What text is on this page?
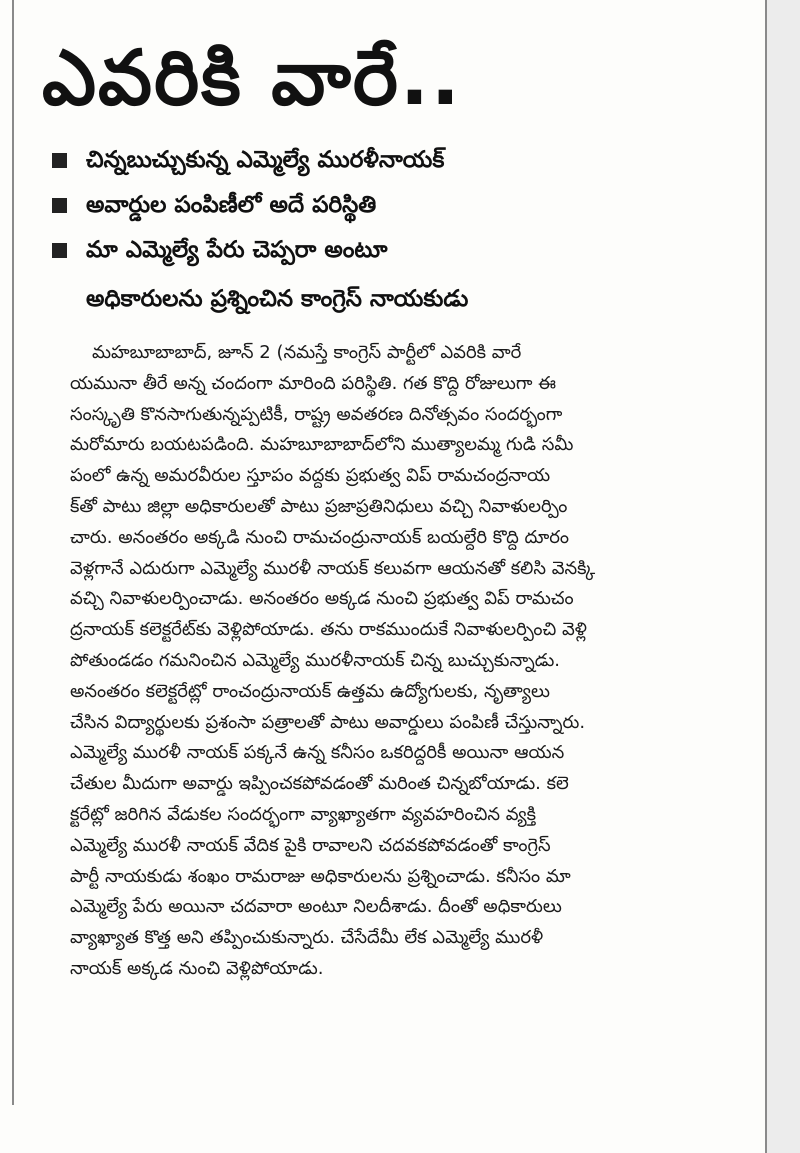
ఎవరికి వారే..
చిన్నబుచ్చుకున్న ఎమ్మెల్యే మురళీనాయక్
అవార్డుల పంపిణీలో అదే పరిస్థితి
మా ఎమ్మెల్యే పేరు చెప్పరా అంటూ
అధికారులను ప్రశ్నించిన కాంగ్రెస్ నాయకుడు
మహబూబాబాద్, జూన్ 2 (నమస్తే కాంగ్రెస్ పార్టీలో ఎవరికి వారే
యమునా తీరే అన్న చందంగా మారింది పరిస్థితి. గత కొద్ది రోజులుగా ఈ
సంస్కృతి కొనసాగుతున్నప్పటికీ, రాష్ట్ర అవతరణ దినోత్సవం సందర్భంగా
మరోమారు బయటపడింది. మహబూబాబాద్‌లోని ముత్యాలమ్మ గుడి సమీ
పంలో ఉన్న అమరవీరుల స్తూపం వద్దకు ప్రభుత్వ విప్ రామచంద్రనాయ
క్‌తో పాటు జిల్లా అధికారులతో పాటు ప్రజాప్రతినిధులు వచ్చి నివాళులర్పిం
చారు. అనంతరం అక్కడి నుంచి రామచంద్రునాయక్ బయల్దేరి కొద్ది దూరం
వెళ్లగానే ఎదురుగా ఎమ్మెల్యే మురళీ నాయక్ కలువగా ఆయనతో కలిసి వెనక్కి
వచ్చి నివాళులర్పించాడు. అనంతరం అక్కడ నుంచి ప్రభుత్వ విప్ రామచం
ద్రనాయక్ కలెక్టరేట్‌కు వెళ్లిపోయాడు. తను రాకముందుకే నివాళులర్పించి వెళ్లి
పోతుండడం గమనించిన ఎమ్మెల్యే మురళీనాయక్ చిన్న బుచ్చుకున్నాడు.
అనంతరం కలెక్టరేట్లో రాంచంద్రునాయక్ ఉత్తమ ఉద్యోగులకు, నృత్యాలు
చేసిన విద్యార్థులకు ప్రశంసా పత్రాలతో పాటు అవార్డులు పంపిణీ చేస్తున్నారు.
ఎమ్మెల్యే మురళీ నాయక్ పక్కనే ఉన్న కనీసం ఒకరిద్దరికీ అయినా ఆయన
చేతుల మీదుగా అవార్డు ఇప్పించకపోవడంతో మరింత చిన్నబోయాడు. కలె
క్టరేట్లో జరిగిన వేడుకల సందర్భంగా వ్యాఖ్యాతగా వ్యవహరించిన వ్యక్తి
ఎమ్మెల్యే మురళీ నాయక్ వేదిక పైకి రావాలని చదవకపోవడంతో కాంగ్రెస్
పార్టీ నాయకుడు శంఖం రామరాజు అధికారులను ప్రశ్నించాడు. కనీసం మా
ఎమ్మెల్యే పేరు అయినా చదవారా అంటూ నిలదీశాడు. దీంతో అధికారులు
వ్యాఖ్యాత కొత్త అని తప్పించుకున్నారు. చేసేదేమీ లేక ఎమ్మెల్యే మురళీ
నాయక్ అక్కడ నుంచి వెళ్లిపోయాడు.
